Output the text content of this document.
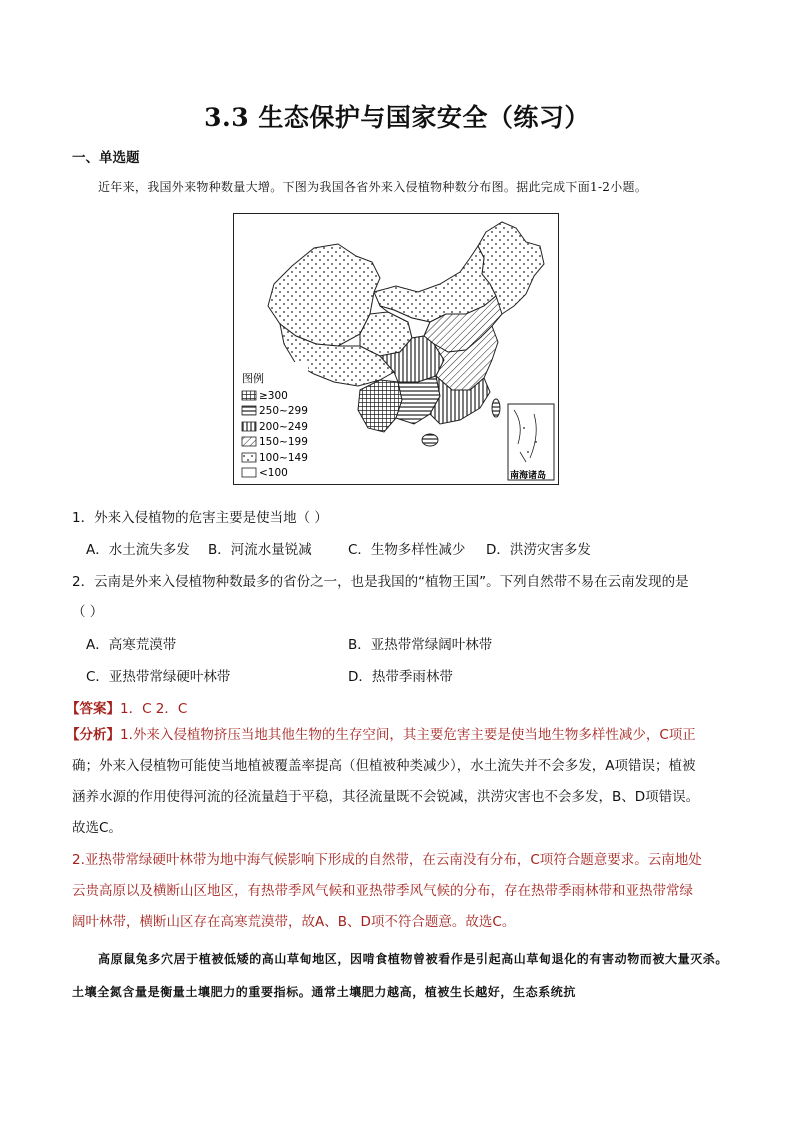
3.3 生态保护与国家安全（练习）
一、单选题
近年来，我国外来物种数量大增。下图为我国各省外来入侵植物种数分布图。据此完成下面1-2小题。
图例
≥300
250~299
200~249
150~199
100~149
<100	南海诸岛
1．外来入侵植物的危害主要是使当地（ ）
A．水土流失多发 B．河流水量锐减	C．生物多样性减少 D．洪涝灾害多发
2．云南是外来入侵植物种数最多的省份之一，也是我国的“植物王国”。下列自然带不易在云南发现的是
（ ）
A．高寒荒漠带	B．亚热带常绿阔叶林带
C．亚热带常绿硬叶林带	D．热带季雨林带
【答案】1．C 2．C
【分析】1.外来入侵植物挤压当地其他生物的生存空间，其主要危害主要是使当地生物多样性减少，C项正
确；外来入侵植物可能使当地植被覆盖率提高（但植被种类减少），水土流失并不会多发，A项错误；植被
涵养水源的作用使得河流的径流量趋于平稳，其径流量既不会锐减，洪涝灾害也不会多发，B、D项错误。
故选C。
2.亚热带常绿硬叶林带为地中海气候影响下形成的自然带，在云南没有分布，C项符合题意要求。云南地处
云贵高原以及横断山区地区，有热带季风气候和亚热带季风气候的分布，存在热带季雨林带和亚热带常绿
阔叶林带，横断山区存在高寒荒漠带，故A、B、D项不符合题意。故选C。
高原鼠兔多穴居于植被低矮的高山草甸地区，因啃食植物曾被看作是引起高山草甸退化的有害动物而被大量灭杀。土壤全氮含量是衡量土壤肥力的重要指标。通常土壤肥力越高，植被生长越好，生态系统抗
